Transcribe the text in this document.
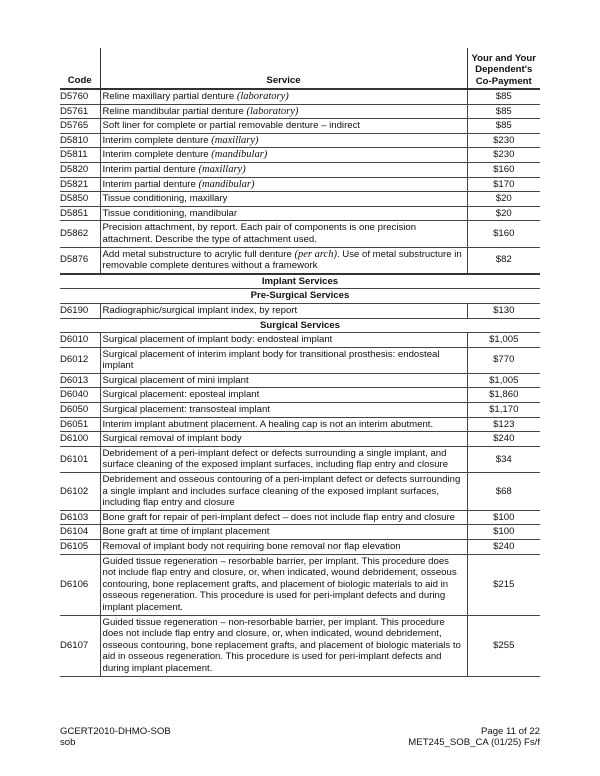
Code	Service	Your and Your
Dependent's
Co-Payment
D5760	Reline maxillary partial denture (laboratory)	$85
D5761	Reline mandibular partial denture (laboratory)	$85
D5765	Soft liner for complete or partial removable denture – indirect	$85
D5810	Interim complete denture (maxillary)	$230
D5811	Interim complete denture (mandibular)	$230
D5820	Interim partial denture (maxillary)	$160
D5821	Interim partial denture (mandibular)	$170
D5850	Tissue conditioning, maxillary	$20
D5851	Tissue conditioning, mandibular	$20
D5862	Precision attachment, by report. Each pair of components is one precision attachment. Describe the type of attachment used.	$160
D5876	Add metal substructure to acrylic full denture (per arch). Use of metal substructure in removable complete dentures without a framework	$82
Implant Services		
Pre-Surgical Services		
D6190	Radiographic/surgical implant index, by report	$130
Surgical Services		
D6010	Surgical placement of implant body: endosteal implant	$1,005
D6012	Surgical placement of interim implant body for transitional prosthesis: endosteal implant	$770
D6013	Surgical placement of mini implant	$1,005
D6040	Surgical placement: eposteal implant	$1,860
D6050	Surgical placement: transosteal implant	$1,170
D6051	Interim implant abutment placement. A healing cap is not an interim abutment.	$123
D6100	Surgical removal of implant body	$240
D6101	Debridement of a peri-implant defect or defects surrounding a single implant, and surface cleaning of the exposed implant surfaces, including flap entry and closure	$34
D6102	Debridement and osseous contouring of a peri-implant defect or defects surrounding a single implant and includes surface cleaning of the exposed implant surfaces, including flap entry and closure	$68
D6103	Bone graft for repair of peri-implant defect – does not include flap entry and closure	$100
D6104	Bone graft at time of implant placement	$100
D6105	Removal of implant body not requiring bone removal nor flap elevation	$240
D6106	Guided tissue regeneration – resorbable barrier, per implant. This procedure does not include flap entry and closure, or, when indicated, wound debridement, osseous contouring, bone replacement grafts, and placement of biologic materials to aid in osseous regeneration. This procedure is used for peri-implant defects and during implant placement.	$215
D6107	Guided tissue regeneration – non-resorbable barrier, per implant. This procedure does not include flap entry and closure, or, when indicated, wound debridement, osseous contouring, bone replacement grafts, and placement of biologic materials to aid in osseous regeneration. This procedure is used for peri-implant defects and during implant placement.	$255
GCERT2010-DHMO-SOB
sob
Page 11 of 22
MET245_SOB_CA (01/25) Fs/f
